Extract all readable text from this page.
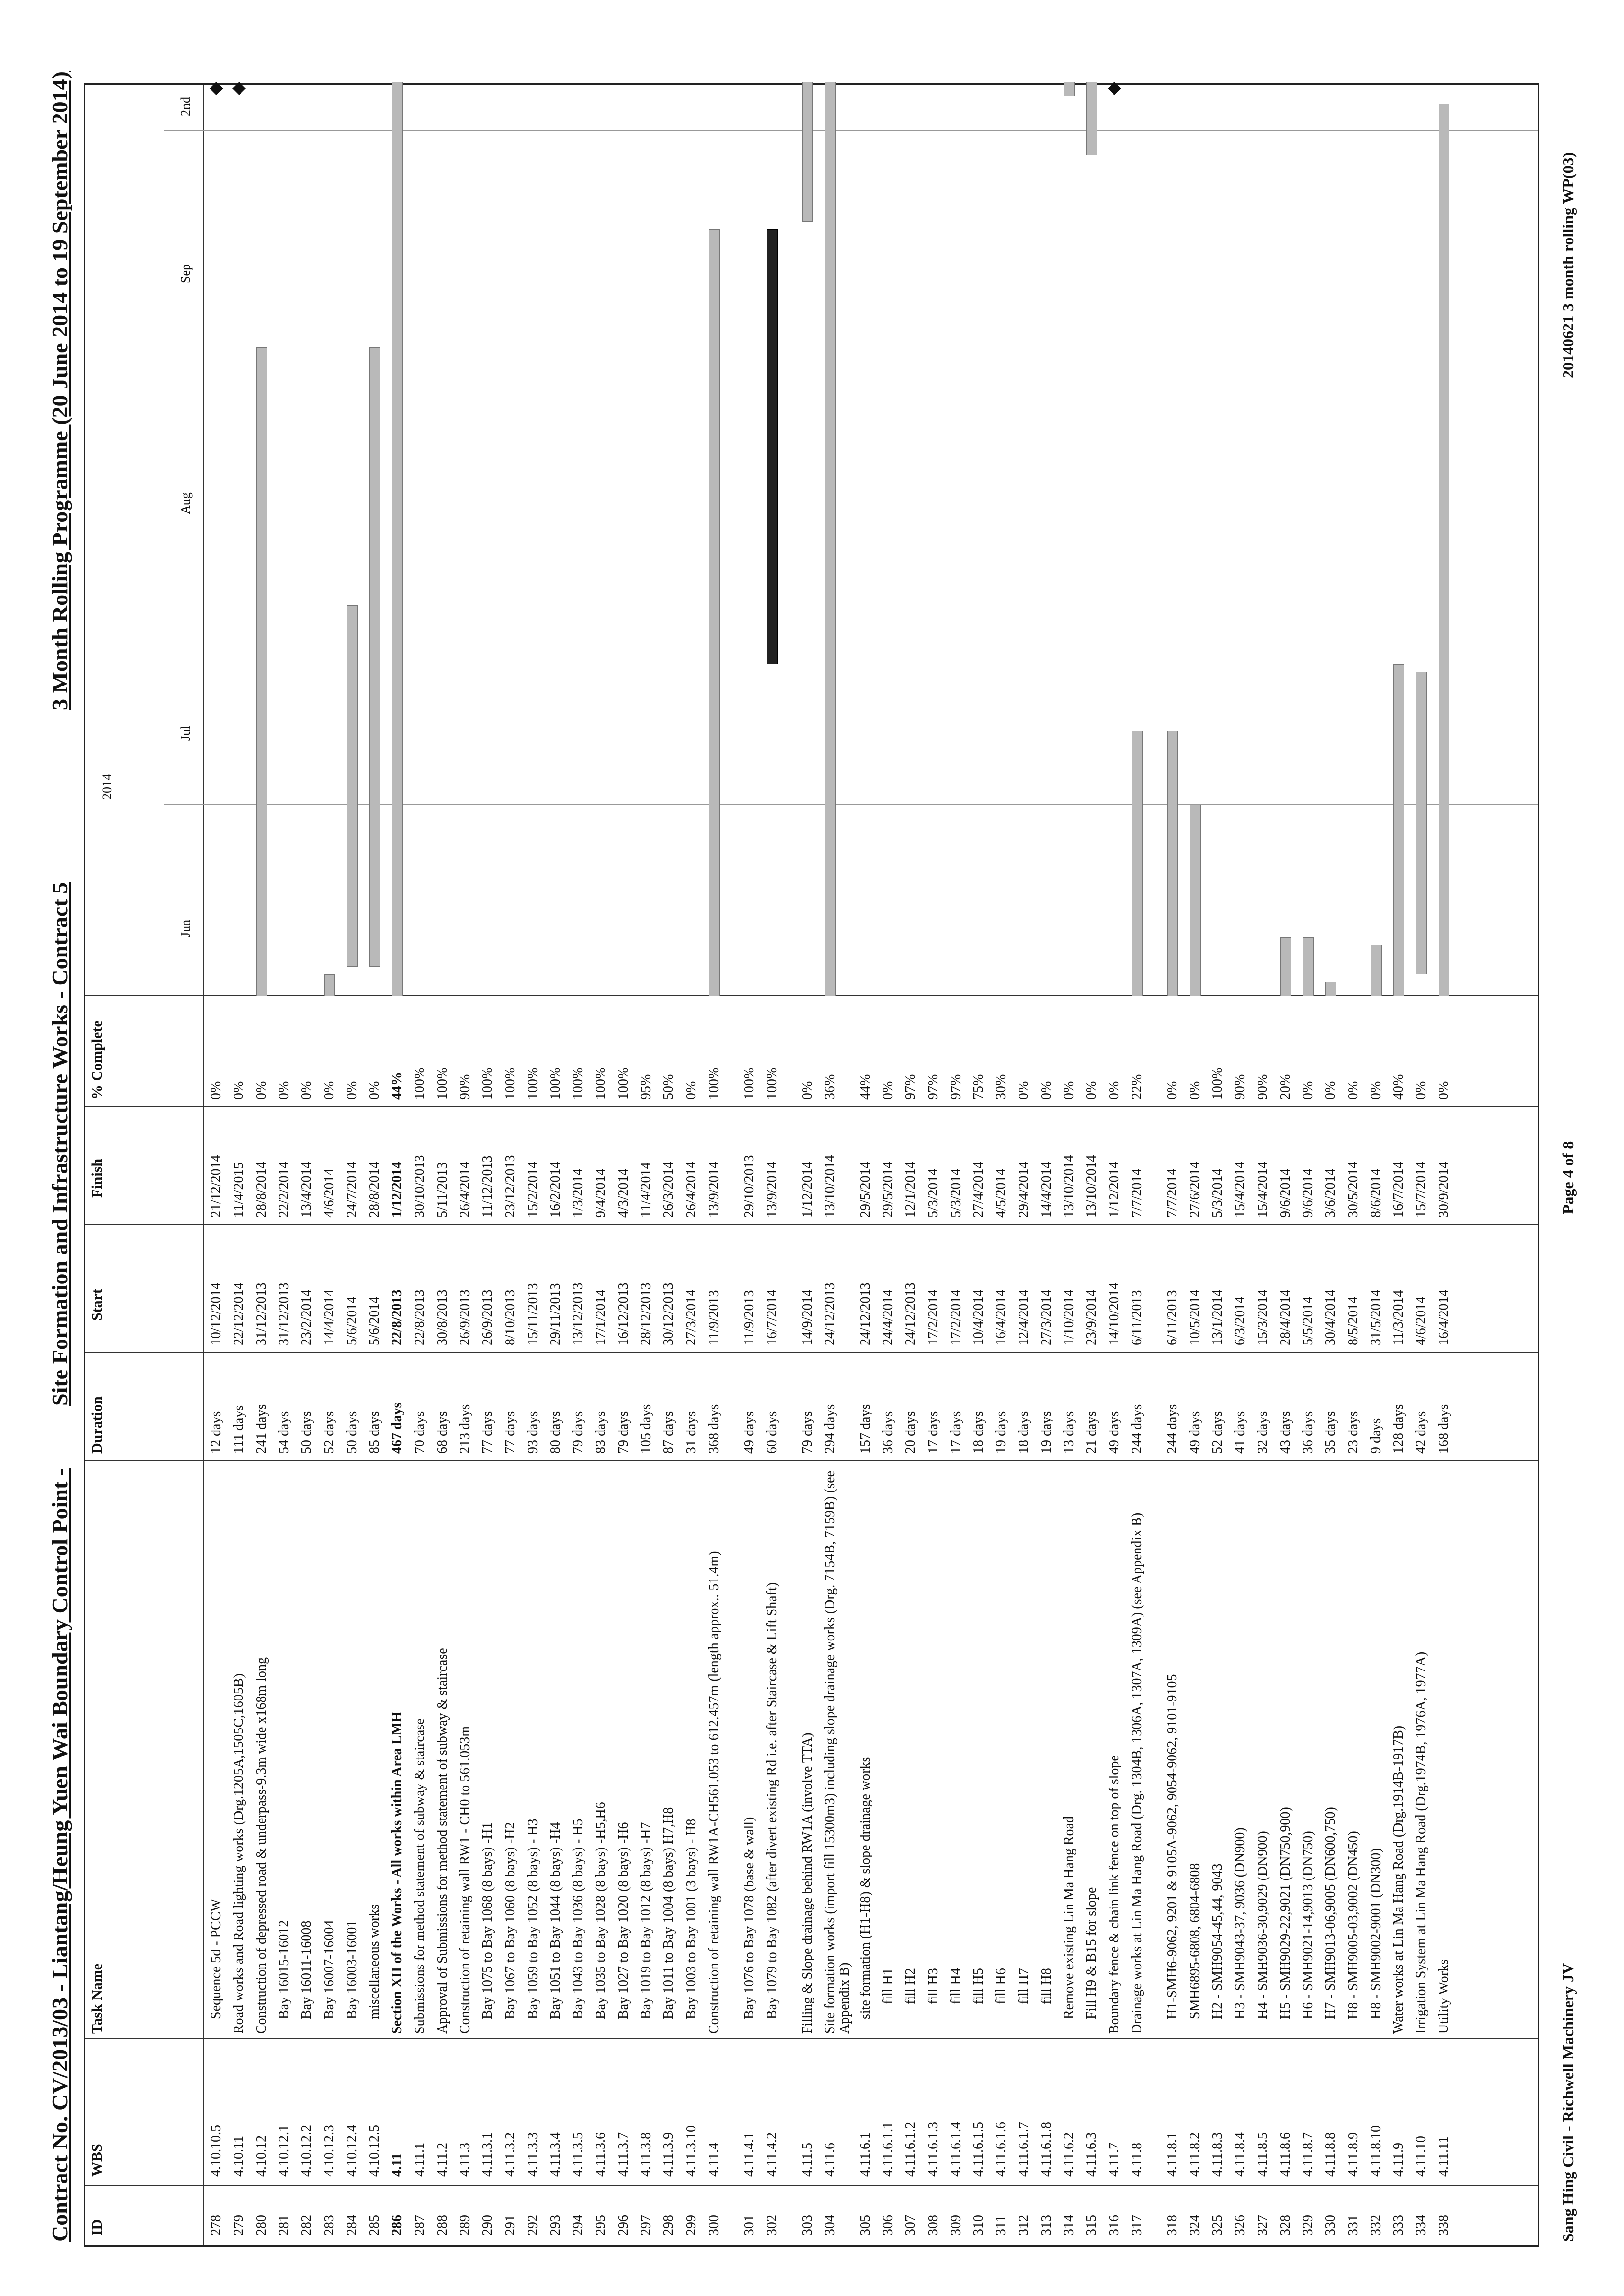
Contract No. CV/2013/03 - Liantang/Heung Yuen Wai Boundary Control Point -
Site Formation and Infrastructure Works - Contract 5
3 Month Rolling Programme (20 June 2014 to 19 September 2014)
ID
WBS
Task Name
Duration
Start
Finish
% Complete
2014
Jun
Jul
Aug
Sep
2nd
278
4.10.10.5
Sequence 5d - PCCW
12 days
10/12/2014
21/12/2014
0%
279
4.10.11
Road works and Road lighting works (Drg.1205A,1505C,1605B)
111 days
22/12/2014
11/4/2015
0%
280
4.10.12
Construction of depressed road & underpass-9.3m wide x168m long
241 days
31/12/2013
28/8/2014
0%
281
4.10.12.1
Bay 16015-16012
54 days
31/12/2013
22/2/2014
0%
282
4.10.12.2
Bay 16011-16008
50 days
23/2/2014
13/4/2014
0%
283
4.10.12.3
Bay 16007-16004
52 days
14/4/2014
4/6/2014
0%
284
4.10.12.4
Bay 16003-16001
50 days
5/6/2014
24/7/2014
0%
285
4.10.12.5
miscellaneous works
85 days
5/6/2014
28/8/2014
0%
286
4.11
Section XII of the Works - All works within Area LMH
467 days
22/8/2013
1/12/2014
44%
287
4.11.1
Submissions for method statement of subway & staircase
70 days
22/8/2013
30/10/2013
100%
288
4.11.2
Approval of Submissions for method statement of subway & staircase
68 days
30/8/2013
5/11/2013
100%
289
4.11.3
Construction of retaining wall RW1 - CH0 to 561.053m
213 days
26/9/2013
26/4/2014
90%
290
4.11.3.1
Bay 1075 to Bay 1068 (8 bays) -H1
77 days
26/9/2013
11/12/2013
100%
291
4.11.3.2
Bay 1067 to Bay 1060 (8 bays) -H2
77 days
8/10/2013
23/12/2013
100%
292
4.11.3.3
Bay 1059 to Bay 1052 (8 bays) - H3
93 days
15/11/2013
15/2/2014
100%
293
4.11.3.4
Bay 1051 to Bay 1044 (8 bays) -H4
80 days
29/11/2013
16/2/2014
100%
294
4.11.3.5
Bay 1043 to Bay 1036 (8 bays) - H5
79 days
13/12/2013
1/3/2014
100%
295
4.11.3.6
Bay 1035 to Bay 1028 (8 bays) -H5,H6
83 days
17/1/2014
9/4/2014
100%
296
4.11.3.7
Bay 1027 to Bay 1020 (8 bays) -H6
79 days
16/12/2013
4/3/2014
100%
297
4.11.3.8
Bay 1019 to Bay 1012 (8 bays) -H7
105 days
28/12/2013
11/4/2014
95%
298
4.11.3.9
Bay 1011 to Bay 1004 (8 bays) H7,H8
87 days
30/12/2013
26/3/2014
50%
299
4.11.3.10
Bay 1003 to Bay 1001 (3 bays) - H8
31 days
27/3/2014
26/4/2014
0%
300
4.11.4
Construction of retaining wall RW1A-CH561.053 to 612.457m (length approx.. 51.4m)
368 days
11/9/2013
13/9/2014
100%
301
4.11.4.1
Bay 1076 to Bay 1078 (base & wall)
49 days
11/9/2013
29/10/2013
100%
302
4.11.4.2
Bay 1079 to Bay 1082 (after divert existing Rd i.e. after Staircase & Lift Shaft)
60 days
16/7/2014
13/9/2014
100%
303
4.11.5
Filling & Slope drainage behind RW1A (involve TTA)
79 days
14/9/2014
1/12/2014
0%
304
4.11.6
Site formation works (import fill 15300m3) including slope drainage works (Drg. 7154B, 7159B) (see Appendix B)
294 days
24/12/2013
13/10/2014
36%
305
4.11.6.1
site formation (H1-H8) & slope drainage works
157 days
24/12/2013
29/5/2014
44%
306
4.11.6.1.1
fill H1
36 days
24/4/2014
29/5/2014
0%
307
4.11.6.1.2
fill H2
20 days
24/12/2013
12/1/2014
97%
308
4.11.6.1.3
fill H3
17 days
17/2/2014
5/3/2014
97%
309
4.11.6.1.4
fill H4
17 days
17/2/2014
5/3/2014
97%
310
4.11.6.1.5
fill H5
18 days
10/4/2014
27/4/2014
75%
311
4.11.6.1.6
fill H6
19 days
16/4/2014
4/5/2014
30%
312
4.11.6.1.7
fill H7
18 days
12/4/2014
29/4/2014
0%
313
4.11.6.1.8
fill H8
19 days
27/3/2014
14/4/2014
0%
314
4.11.6.2
Remove existing Lin Ma Hang Road
13 days
1/10/2014
13/10/2014
0%
315
4.11.6.3
Fill H9 & B15 for slope
21 days
23/9/2014
13/10/2014
0%
316
4.11.7
Boundary fence & chain link fence on top of slope
49 days
14/10/2014
1/12/2014
0%
317
4.11.8
Drainage works at Lin Ma Hang Road (Drg. 1304B, 1306A, 1307A, 1309A) (see Appendix B)
244 days
6/11/2013
7/7/2014
22%
318
4.11.8.1
H1-SMH6-9062, 9201 & 9105A-9062, 9054-9062, 9101-9105
244 days
6/11/2013
7/7/2014
0%
324
4.11.8.2
SMH6895-6808, 6804-6808
49 days
10/5/2014
27/6/2014
0%
325
4.11.8.3
H2 - SMH9054-45,44, 9043
52 days
13/1/2014
5/3/2014
100%
326
4.11.8.4
H3 - SMH9043-37, 9036 (DN900)
41 days
6/3/2014
15/4/2014
90%
327
4.11.8.5
H4 - SMH9036-30,9029 (DN900)
32 days
15/3/2014
15/4/2014
90%
328
4.11.8.6
H5 - SMH9029-22,9021 (DN750,900)
43 days
28/4/2014
9/6/2014
20%
329
4.11.8.7
H6 - SMH9021-14,9013 (DN750)
36 days
5/5/2014
9/6/2014
0%
330
4.11.8.8
H7 - SMH9013-06,9005 (DN600,750)
35 days
30/4/2014
3/6/2014
0%
331
4.11.8.9
H8 - SMH9005-03,9002 (DN450)
23 days
8/5/2014
30/5/2014
0%
332
4.11.8.10
H8 - SMH9002-9001 (DN300)
9 days
31/5/2014
8/6/2014
0%
333
4.11.9
Water works at Lin Ma Hang Road (Drg.1914B-1917B)
128 days
11/3/2014
16/7/2014
40%
334
4.11.10
Irrigation System at Lin Ma Hang Road (Drg.1974B, 1976A, 1977A)
42 days
4/6/2014
15/7/2014
0%
338
4.11.11
Utility Works
168 days
16/4/2014
30/9/2014
0%
Sang Hing Civil - Richwell Machinery JV
Page 4 of 8
20140621 3 month rolling WP(03)
